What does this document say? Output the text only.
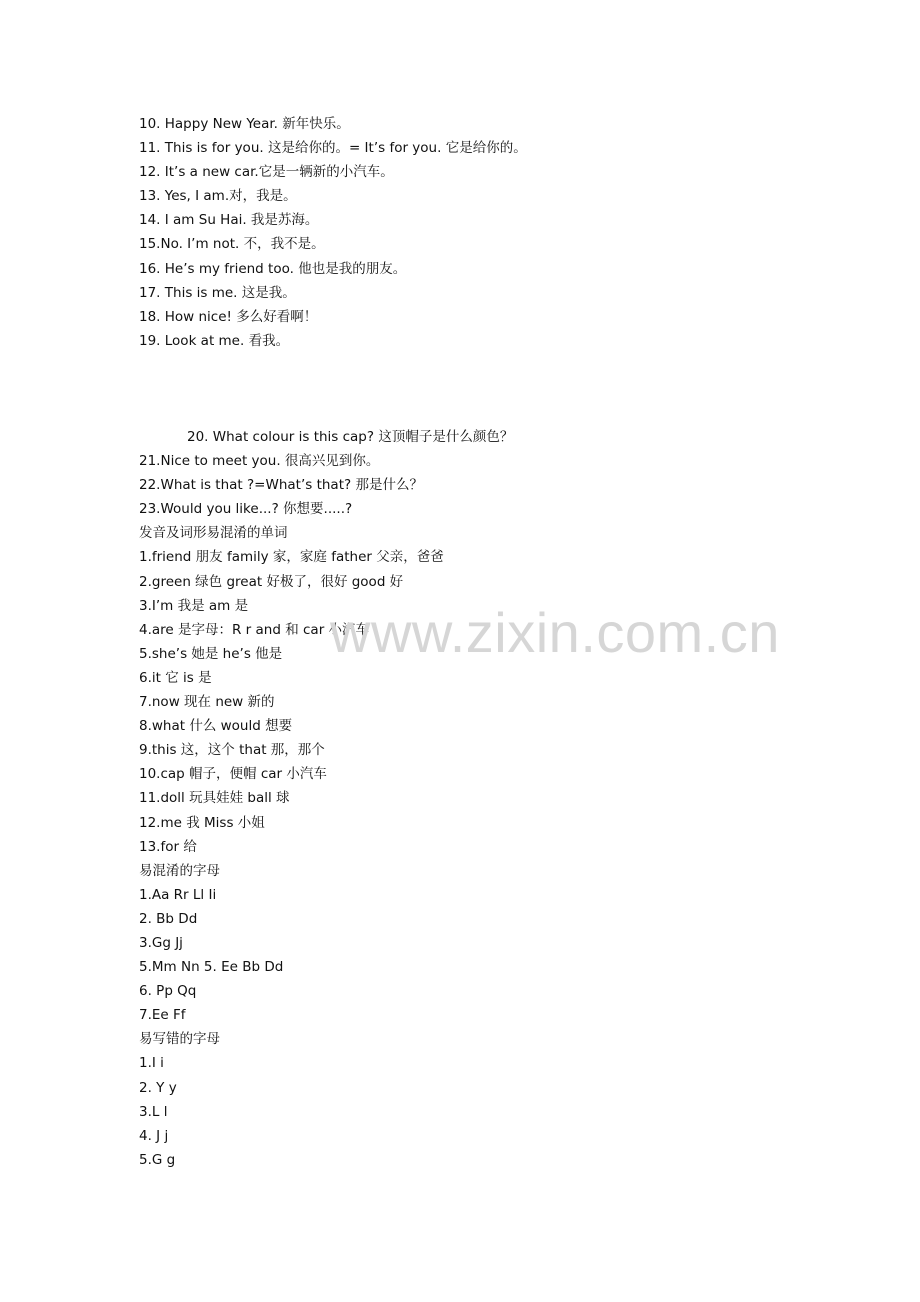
10. Happy New Year. 新年快乐。
11. This is for you. 这是给你的。= It’s for you. 它是给你的。
12. It’s a new car.它是一辆新的小汽车。
13. Yes, I am.对，我是。
14. I am Su Hai. 我是苏海。
15.No. I’m not. 不，我不是。
16. He’s my friend too. 他也是我的朋友。
17. This is me. 这是我。
18. How nice! 多么好看啊！
19. Look at me. 看我。
20. What colour is this cap? 这顶帽子是什么颜色？
21.Nice to meet you. 很高兴见到你。
22.What is that ?=What’s that? 那是什么？
23.Would you like...? 你想要.....?
发音及词形易混淆的单词
1.friend 朋友 family 家，家庭 father 父亲，爸爸
2.green 绿色 great 好极了，很好 good 好
3.I’m 我是 am 是
4.are 是字母：R r and 和 car 小汽车
5.she’s 她是 he’s 他是
6.it 它 is 是
7.now 现在 new 新的
8.what 什么 would 想要
9.this 这，这个 that 那，那个
10.cap 帽子，便帽 car 小汽车
11.doll 玩具娃娃 ball 球
12.me 我 Miss 小姐
13.for 给
易混淆的字母
1.Aa Rr Ll Ii
2. Bb Dd
3.Gg Jj
5.Mm Nn 5. Ee Bb Dd
6. Pp Qq
7.Ee Ff
易写错的字母
1.I i
2. Y y
3.L l
4. J j
5.G g
www.zixin.com.cn
